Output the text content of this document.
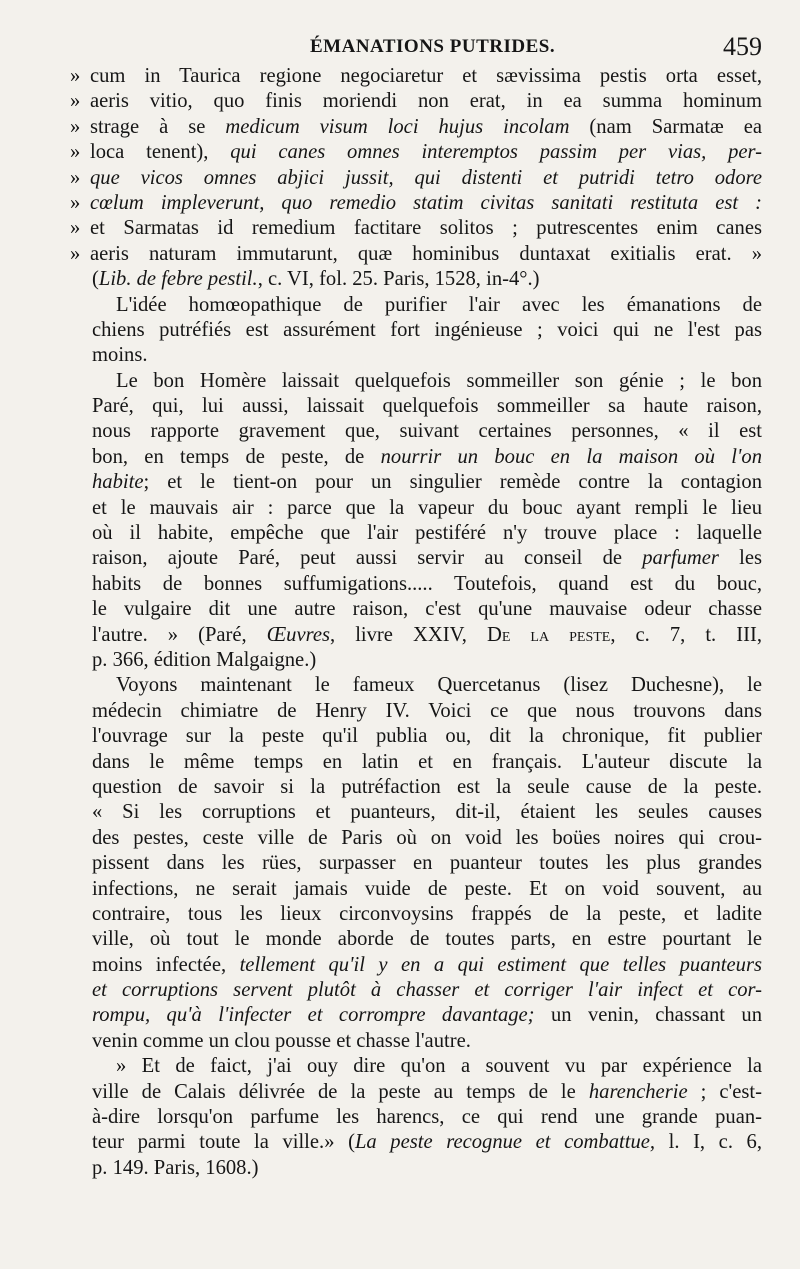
ÉMANATIONS PUTRIDES.	459
» cum in Taurica regione negociaretur et sævissima pestis orta esset,
» aeris vitio, quo finis moriendi non erat, in ea summa hominum
» strage à se medicum visum loci hujus incolam (nam Sarmatæ ea
» loca tenent), qui canes omnes interemptos passim per vias, per-
» que vicos omnes abjici jussit, qui distenti et putridi tetro odore
» cœlum impleverunt, quo remedio statim civitas sanitati restituta est :
» et Sarmatas id remedium factitare solitos ; putrescentes enim canes
» aeris naturam immutarunt, quæ hominibus duntaxat exitialis erat. »
(Lib. de febre pestil., c. VI, fol. 25. Paris, 1528, in-4°.)
L'idée homœopathique de purifier l'air avec les émanations de
chiens putréfiés est assurément fort ingénieuse ; voici qui ne l'est pas
moins.
Le bon Homère laissait quelquefois sommeiller son génie ; le bon
Paré, qui, lui aussi, laissait quelquefois sommeiller sa haute raison,
nous rapporte gravement que, suivant certaines personnes, « il est
bon, en temps de peste, de nourrir un bouc en la maison où l'on
habite; et le tient-on pour un singulier remède contre la contagion
et le mauvais air : parce que la vapeur du bouc ayant rempli le lieu
où il habite, empêche que l'air pestiféré n'y trouve place : laquelle
raison, ajoute Paré, peut aussi servir au conseil de parfumer les
habits de bonnes suffumigations..... Toutefois, quand est du bouc,
le vulgaire dit une autre raison, c'est qu'une mauvaise odeur chasse
l'autre. » (Paré, Œuvres, livre XXIV, De la peste, c. 7, t. III,
p. 366, édition Malgaigne.)
Voyons maintenant le fameux Quercetanus (lisez Duchesne), le
médecin chimiatre de Henry IV. Voici ce que nous trouvons dans
l'ouvrage sur la peste qu'il publia ou, dit la chronique, fit publier
dans le même temps en latin et en français. L'auteur discute la
question de savoir si la putréfaction est la seule cause de la peste.
« Si les corruptions et puanteurs, dit-il, étaient les seules causes
des pestes, ceste ville de Paris où on void les boües noires qui crou-
pissent dans les rües, surpasser en puanteur toutes les plus grandes
infections, ne serait jamais vuide de peste. Et on void souvent, au
contraire, tous les lieux circonvoysins frappés de la peste, et ladite
ville, où tout le monde aborde de toutes parts, en estre pourtant le
moins infectée, tellement qu'il y en a qui estiment que telles puanteurs
et corruptions servent plutôt à chasser et corriger l'air infect et cor-
rompu, qu'à l'infecter et corrompre davantage; un venin, chassant un
venin comme un clou pousse et chasse l'autre.
» Et de faict, j'ai ouy dire qu'on a souvent vu par expérience la
ville de Calais délivrée de la peste au temps de le harencherie ; c'est-
à-dire lorsqu'on parfume les harencs, ce qui rend une grande puan-
teur parmi toute la ville.» (La peste recognue et combattue, l. I, c. 6,
p. 149. Paris, 1608.)
